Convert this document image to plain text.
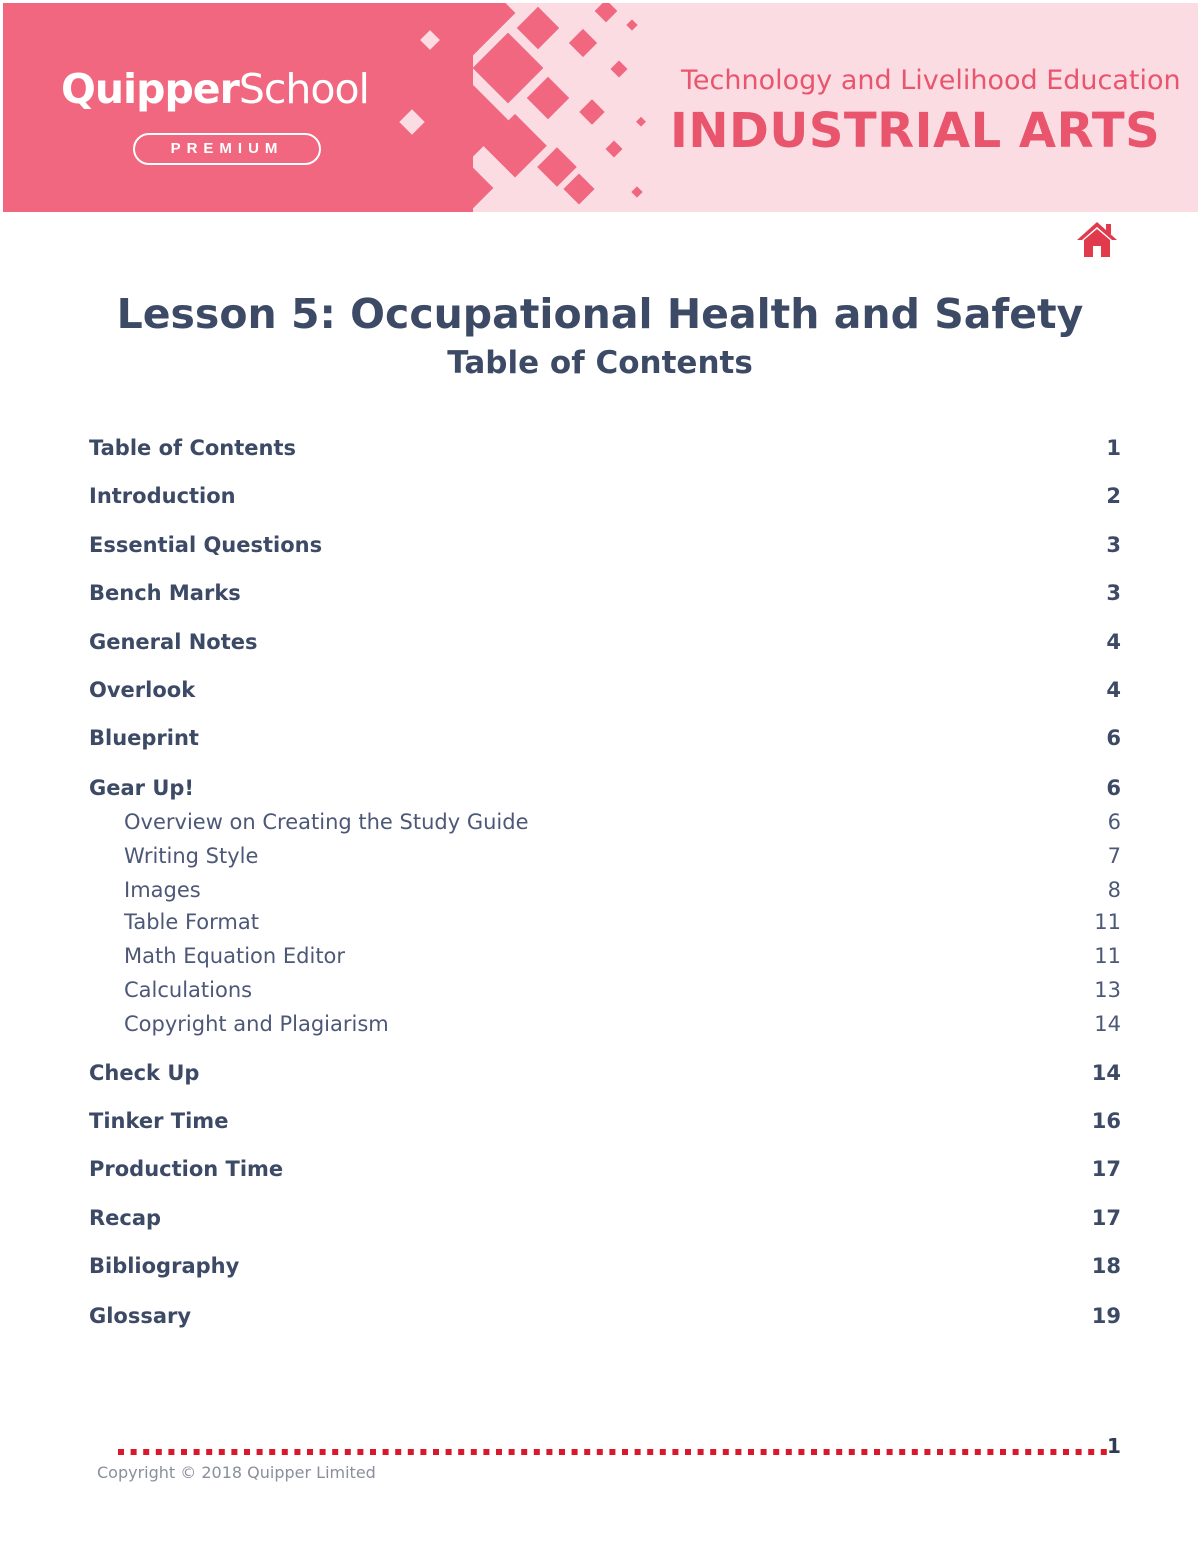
QuipperSchool
PREMIUM
Technology and Livelihood Education
INDUSTRIAL ARTS
Lesson 5: Occupational Health and Safety
Table of Contents
Table of Contents	1
Introduction	2
Essential Questions	3
Bench Marks	3
General Notes	4
Overlook	4
Blueprint	6
Gear Up!	6
Overview on Creating the Study Guide	6
Writing Style	7
Images	8
Table Format	11
Math Equation Editor	11
Calculations	13
Copyright and Plagiarism	14
Check Up	14
Tinker Time	16
Production Time	17
Recap	17
Bibliography	18
Glossary	19
1
Copyright © 2018 Quipper Limited
